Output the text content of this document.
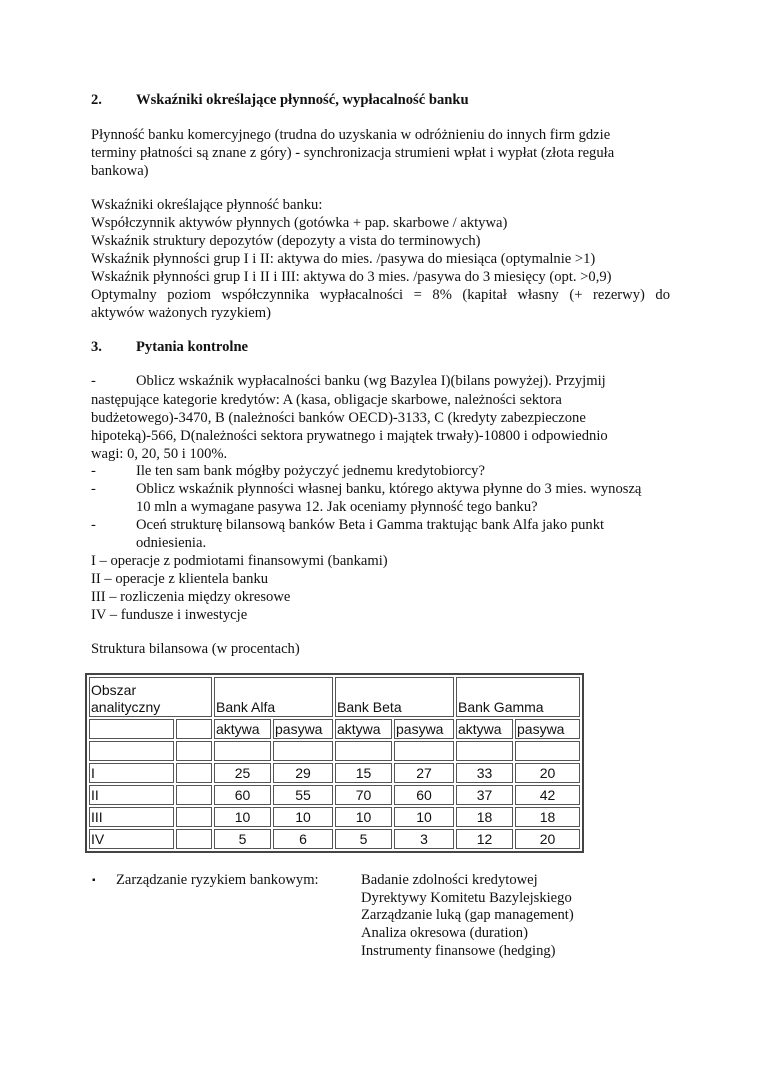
2. Wskaźniki określające płynność, wypłacalność banku
Płynność banku komercyjnego (trudna do uzyskania w odróżnieniu do innych firm gdzie
terminy płatności są znane z góry) - synchronizacja strumieni wpłat i wypłat (złota reguła
bankowa)
Wskaźniki określające płynność banku:
Współczynnik aktywów płynnych (gotówka + pap. skarbowe / aktywa)
Wskaźnik struktury depozytów (depozyty a vista do terminowych)
Wskaźnik płynności grup I i II: aktywa do mies. /pasywa do miesiąca (optymalnie >1)
Wskaźnik płynności grup I i II i III: aktywa do 3 mies. /pasywa do 3 miesięcy (opt. >0,9)
Optymalny poziom współczynnika wypłacalności = 8% (kapitał własny (+ rezerwy) do
aktywów ważonych ryzykiem)
3. Pytania kontrolne
-	Oblicz wskaźnik wypłacalności banku (wg Bazylea I)(bilans powyżej). Przyjmij
następujące kategorie kredytów: A (kasa, obligacje skarbowe, należności sektora
budżetowego)-3470, B (należności banków OECD)-3133, C (kredyty zabezpieczone
hipoteką)-566, D(należności sektora prywatnego i majątek trwały)-10800 i odpowiednio
wagi: 0, 20, 50 i 100%.
-	Ile ten sam bank mógłby pożyczyć jednemu kredytobiorcy?
-	Oblicz wskaźnik płynności własnej banku, którego aktywa płynne do 3 mies. wynoszą
10 mln a wymagane pasywa 12. Jak oceniamy płynność tego banku?
-	Oceń strukturę bilansową banków Beta i Gamma traktując bank Alfa jako punkt
odniesienia.
I – operacje z podmiotami finansowymi (bankami)
II – operacje z klientela banku
III – rozliczenia między okresowe
IV – fundusze i inwestycje
Struktura bilansowa (w procentach)
Obszar
analityczny		Bank Alfa		Bank Beta		Bank Gamma	
		aktywa	pasywa	aktywa	pasywa	aktywa	pasywa

I		25	29	15	27	33	20
II		60	55	70	60	37	42
III		10	10	10	10	18	18
IV		5	6	5	3	12	20
▪ Zarządzanie ryzykiem bankowym:	Badanie zdolności kredytowej
Dyrektywy Komitetu Bazylejskiego
Zarządzanie luką (gap management)
Analiza okresowa (duration)
Instrumenty finansowe (hedging)
